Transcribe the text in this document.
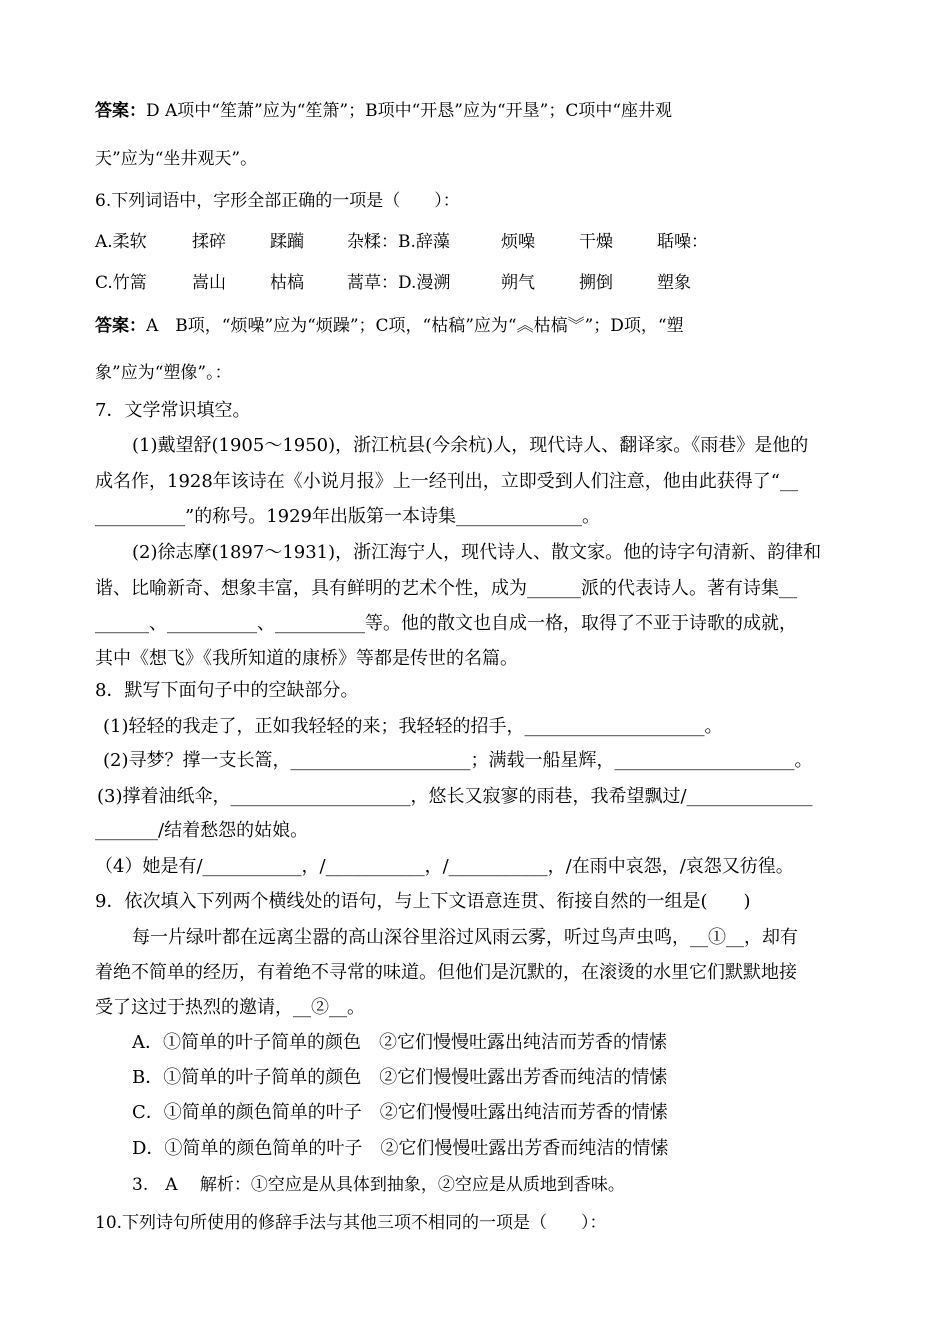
答案：D A项中“笙萧”应为“笙箫”；B项中“开恳”应为“开垦”；C项中“座井观
天”应为“坐井观天”。
6.下列词语中，字形全部正确的一项是（　　）：
A.柔软	揉碎	蹂躏	杂糅：B.辞藻	烦噪	干燥	聒噪：
C.竹篙	嵩山	枯槁	蒿草：D.漫溯	朔气	搠倒	塑象
答案：A　B项，“烦噪”应为“烦躁”；C项，“枯稿”应为“︽枯槁︾”；D项，“塑
象”应为“塑像”。：
7．文学常识填空。
(1)戴望舒(1905～1950)，浙江杭县(今余杭)人，现代诗人、翻译家。《雨巷》是他的
成名作，1928年该诗在《小说月报》上一经刊出，立即受到人们注意，他由此获得了“__
__________”的称号。1929年出版第一本诗集______________。
(2)徐志摩(1897～1931)，浙江海宁人，现代诗人、散文家。他的诗字句清新、韵律和
谐、比喻新奇、想象丰富，具有鲜明的艺术个性，成为______派的代表诗人。著有诗集__
______、__________、__________等。他的散文也自成一格，取得了不亚于诗歌的成就，
其中《想飞》《我所知道的康桥》等都是传世的名篇。
8．默写下面句子中的空缺部分。
(1)轻轻的我走了，正如我轻轻的来；我轻轻的招手，____________________。
(2)寻梦？撑一支长篙，____________________；满载一船星辉，____________________。
(3)撑着油纸伞，____________________，悠长又寂寥的雨巷，我希望飘过/______________
_______/结着愁怨的姑娘。
（4）她是有/___________，/___________，/___________，/在雨中哀怨，/哀怨又彷徨。
9．依次填入下列两个横线处的语句，与上下文语意连贯、衔接自然的一组是(　　)
每一片绿叶都在远离尘嚣的高山深谷里浴过风雨云雾，听过鸟声虫鸣，__①__，却有
着绝不简单的经历，有着绝不寻常的味道。但他们是沉默的，在滚烫的水里它们默默地接
受了这过于热烈的邀请，__②__。
A．①简单的叶子简单的颜色　②它们慢慢吐露出纯洁而芳香的情愫
B．①简单的叶子简单的颜色　②它们慢慢吐露出芳香而纯洁的情愫
C．①简单的颜色简单的叶子　②它们慢慢吐露出纯洁而芳香的情愫
D．①简单的颜色简单的叶子　②它们慢慢吐露出芳香而纯洁的情愫
3.　A　 解析：①空应是从具体到抽象，②空应是从质地到香味。
10.下列诗句所使用的修辞手法与其他三项不相同的一项是（　　）：
